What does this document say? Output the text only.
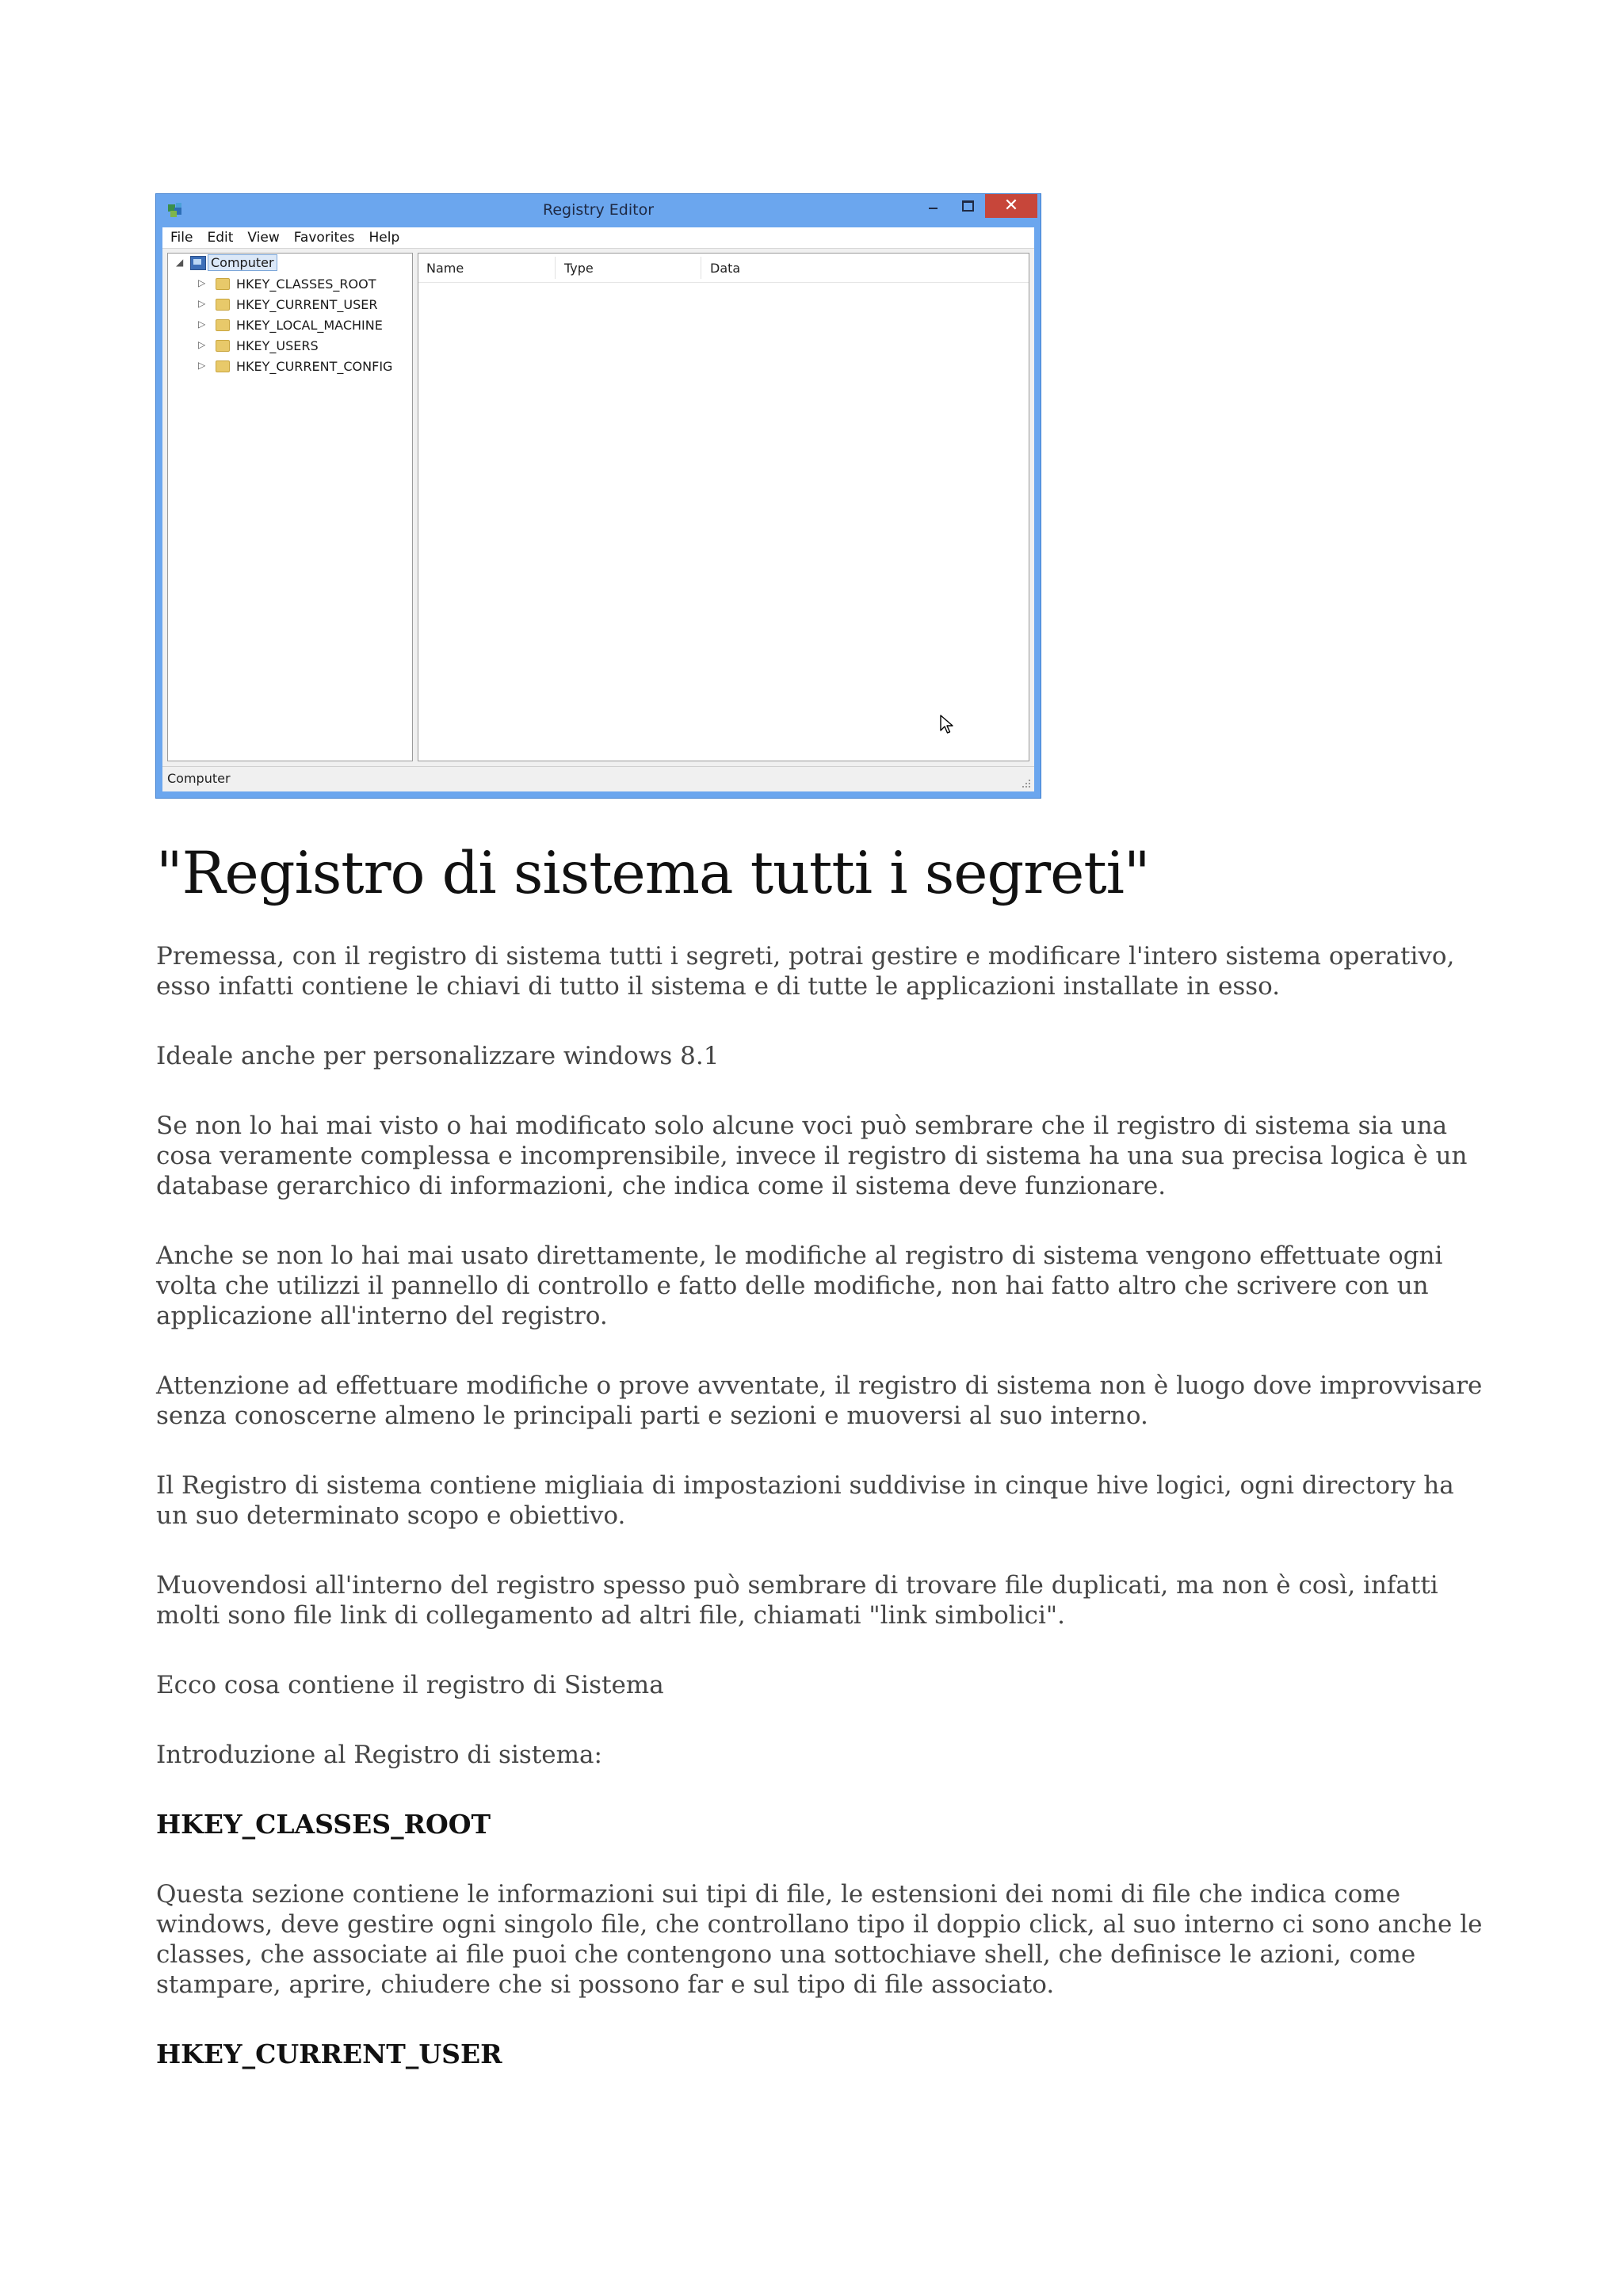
Registry Editor	✕
File Edit View Favorites Help
◢ Computer
▷ HKEY_CLASSES_ROOT
▷ HKEY_CURRENT_USER
▷ HKEY_LOCAL_MACHINE
▷ HKEY_USERS
▷ HKEY_CURRENT_CONFIG
Name	Type	Data
Computer
"Registro di sistema tutti i segreti"

Premessa, con il registro di sistema tutti i segreti, potrai gestire e modificare l'intero sistema operativo, esso infatti contiene le chiavi di tutto il sistema e di tutte le applicazioni installate in esso.

Ideale anche per personalizzare windows 8.1

Se non lo hai mai visto o hai modificato solo alcune voci può sembrare che il registro di sistema sia una cosa veramente complessa e incomprensibile, invece il registro di sistema ha una sua precisa logica è un database gerarchico di informazioni, che indica come il sistema deve funzionare.

Anche se non lo hai mai usato direttamente, le modifiche al registro di sistema vengono effettuate ogni volta che utilizzi il pannello di controllo e fatto delle modifiche, non hai fatto altro che scrivere con un applicazione all'interno del registro.

Attenzione ad effettuare modifiche o prove avventate, il registro di sistema non è luogo dove improvvisare senza conoscerne almeno le principali parti e sezioni e muoversi al suo interno.

Il Registro di sistema contiene migliaia di impostazioni suddivise in cinque hive logici, ogni directory ha un suo determinato scopo e obiettivo.

Muovendosi all'interno del registro spesso può sembrare di trovare file duplicati, ma non è così, infatti molti sono file link di collegamento ad altri file, chiamati "link simbolici".

Ecco cosa contiene il registro di Sistema

Introduzione al Registro di sistema:

HKEY_CLASSES_ROOT

Questa sezione contiene le informazioni sui tipi di file, le estensioni dei nomi di file che indica come windows, deve gestire ogni singolo file, che controllano tipo il doppio click, al suo interno ci sono anche le classes, che associate ai file puoi che contengono una sottochiave shell, che definisce le azioni, come stampare, aprire, chiudere che si possono far e sul tipo di file associato.

HKEY_CURRENT_USER
